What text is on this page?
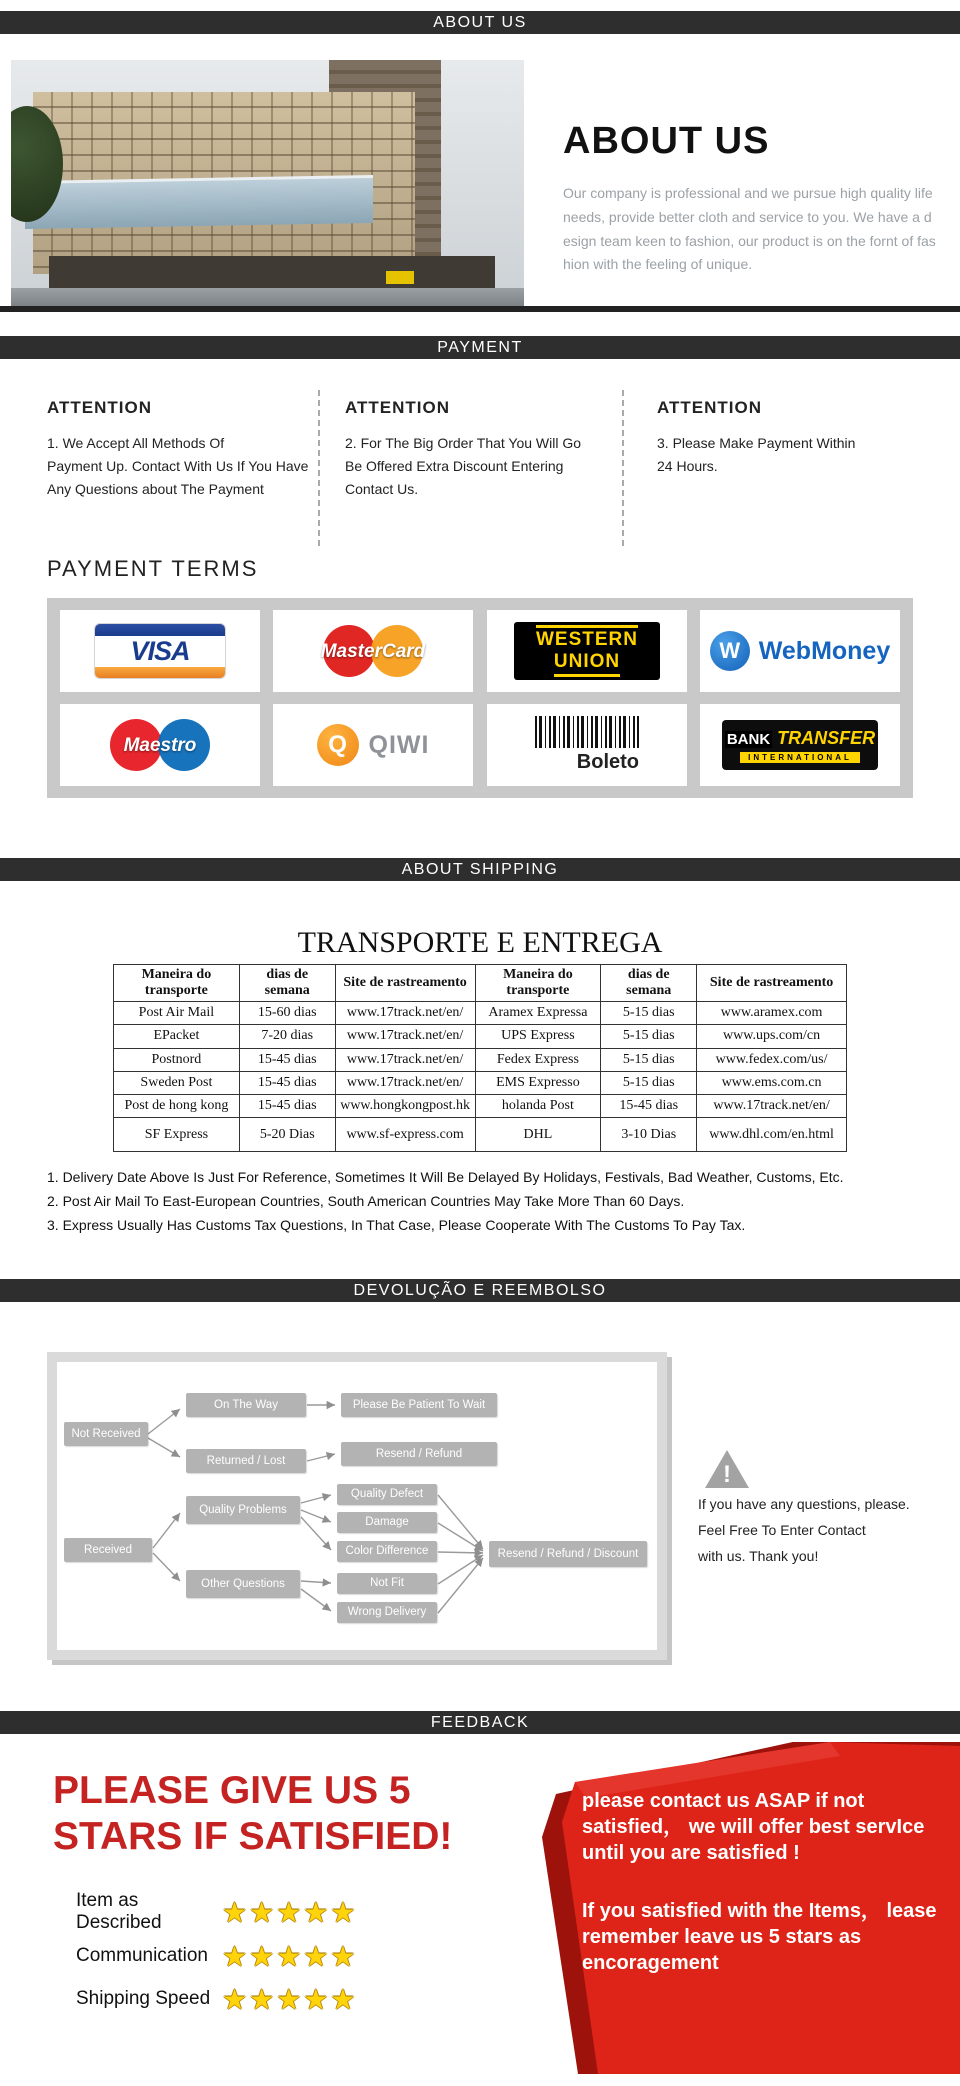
ABOUT US
ABOUT US
Our company is professional and we pursue high quality life
needs, provide better cloth and service to you. We have a d
esign team keen to fashion, our product is on the fornt of fas
hion with the feeling of unique.
PAYMENT
ATTENTION
1. We Accept All Methods Of
Payment Up. Contact With Us If You Have
Any Questions about The Payment
ATTENTION
2. For The Big Order That You Will Go
Be Offered Extra Discount Entering
Contact Us.
ATTENTION
3. Please Make Payment Within
24 Hours.
PAYMENT TERMS
VISA	MasterCard
WESTERN
UNION	W WebMoney
Maestro	Q QIWI
Boleto
BANK TRANSFER
INTERNATIONAL
ABOUT SHIPPING
TRANSPORTE E ENTREGA
Maneira do transporte	dias de semana	Site de rastreamento	Maneira do transporte	dias de semana	Site de rastreamento
Post Air Mail	15-60 dias	www.17track.net/en/	Aramex Expressa	5-15 dias	www.aramex.com
EPacket	7-20 dias	www.17track.net/en/	UPS Express	5-15 dias	www.ups.com/cn
Postnord	15-45 dias	www.17track.net/en/	Fedex Express	5-15 dias	www.fedex.com/us/
Sweden Post	15-45 dias	www.17track.net/en/	EMS Expresso	5-15 dias	www.ems.com.cn
Post de hong kong	15-45 dias	www.hongkongpost.hk	holanda Post	15-45 dias	www.17track.net/en/
SF Express	5-20 Dias	www.sf-express.com	DHL	3-10 Dias	www.dhl.com/en.html
1. Delivery Date Above Is Just For Reference, Sometimes It Will Be Delayed By Holidays, Festivals, Bad Weather, Customs, Etc.
2. Post Air Mail To East-European Countries, South American Countries May Take More Than 60 Days.
3. Express Usually Has Customs Tax Questions, In That Case, Please Cooperate With The Customs To Pay Tax.
DEVOLUÇÃO E REEMBOLSO
Not Received
On The Way
Returned / Lost
Please Be Patient To Wait
Resend / Refund
Received
Quality Problems
Other Questions
Quality Defect
Damage
Color Difference
Not Fit
Wrong Delivery
Resend / Refund / Discount
!
If you have any questions, please.
Feel Free To Enter Contact
with us. Thank you!
FEEDBACK
PLEASE GIVE US 5
STARS IF SATISFIED!
Item as Described	★★★★★
Communication ★★★★★
Shipping Speed ★★★★★
please contact us ASAP if not
satisfied， we will offer best servIce
until you are satisfied !
If you satisfied with the Items， lease
remember leave us 5 stars as
encoragement
